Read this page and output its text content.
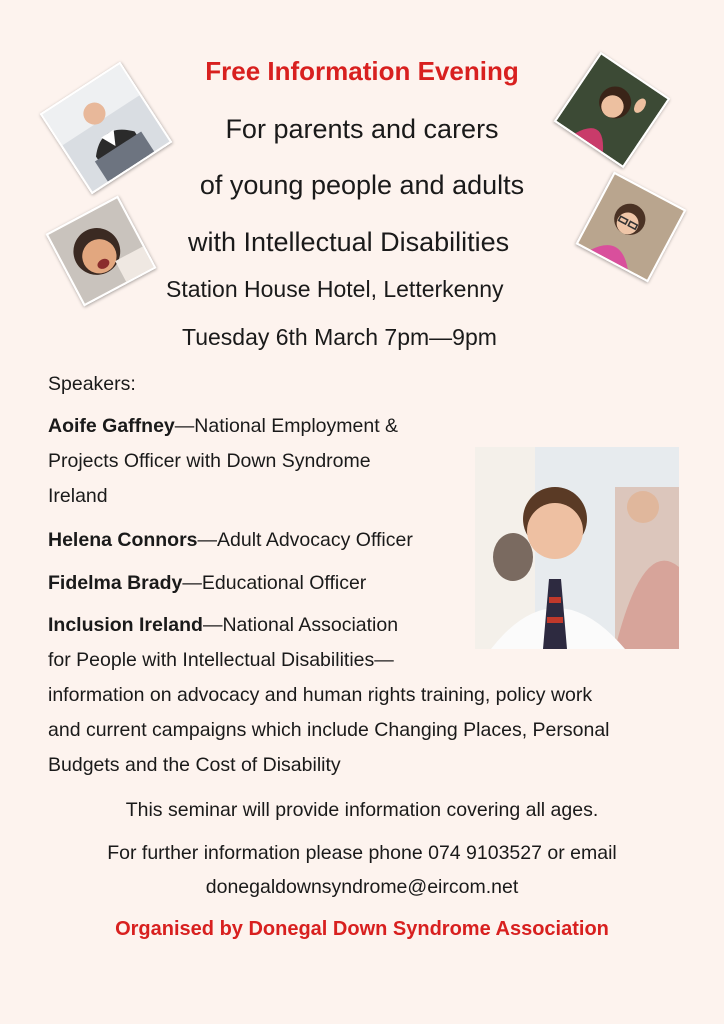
Free Information Evening
For parents and carers
of young people and adults
with Intellectual Disabilities
Station House Hotel, Letterkenny
Tuesday 6th March 7pm—9pm
Speakers:
Aoife Gaffney—National Employment &
Projects Officer with Down Syndrome
Ireland
Helena Connors—Adult Advocacy Officer
Fidelma Brady—Educational Officer
Inclusion Ireland—National Association
for People with Intellectual Disabilities—
information on advocacy and human rights training, policy work
and current campaigns which include Changing Places, Personal
Budgets and the Cost of Disability
This seminar will provide information covering all ages.
For further information please phone 074 9103527 or email
donegaldownsyndrome@eircom.net
Organised by Donegal Down Syndrome Association
